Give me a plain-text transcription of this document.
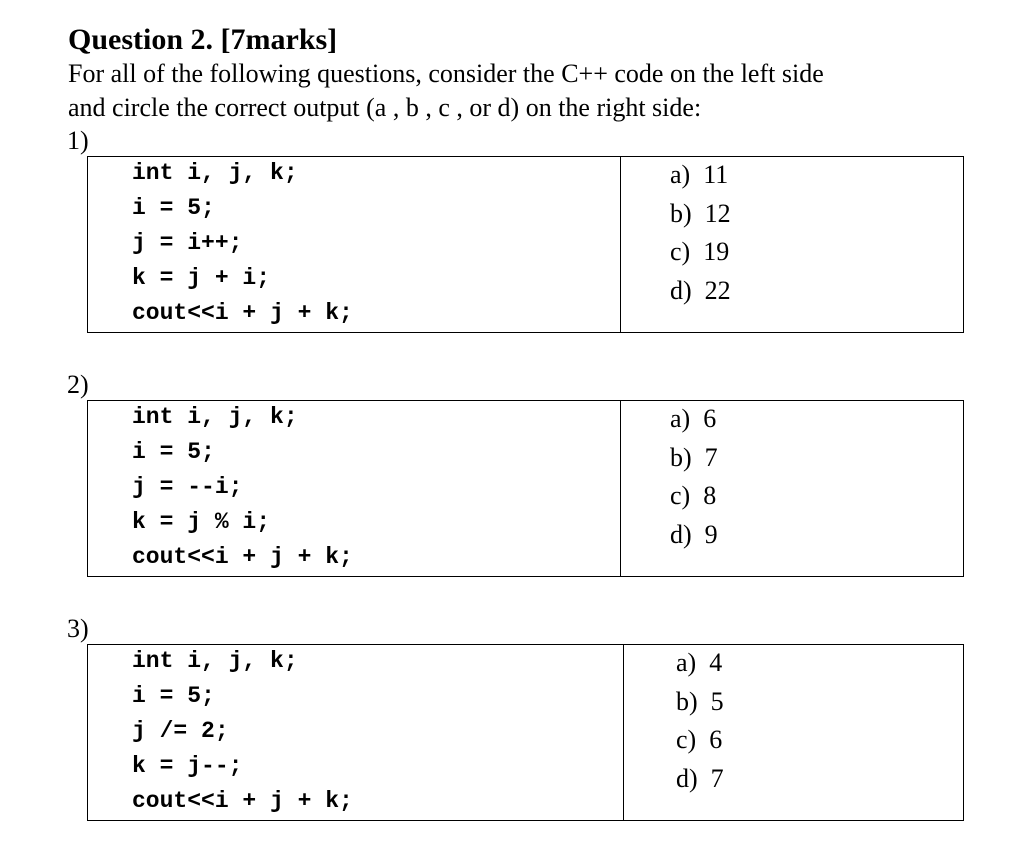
Question 2. [7marks]
For all of the following questions, consider the C++ code on the left side
and circle the correct output (a , b , c , or d) on the right side:
1)
int i, j, k;
i = 5;
j = i++;
k = j + i;
cout<<i + j + k;
a)  11
b)  12
c)  19
d)  22
2)
int i, j, k;
i = 5;
j = --i;
k = j % i;
cout<<i + j + k;
a)  6
b)  7
c)  8
d)  9
3)
int i, j, k;
i = 5;
j /= 2;
k = j--;
cout<<i + j + k;
a)  4
b)  5
c)  6
d)  7
